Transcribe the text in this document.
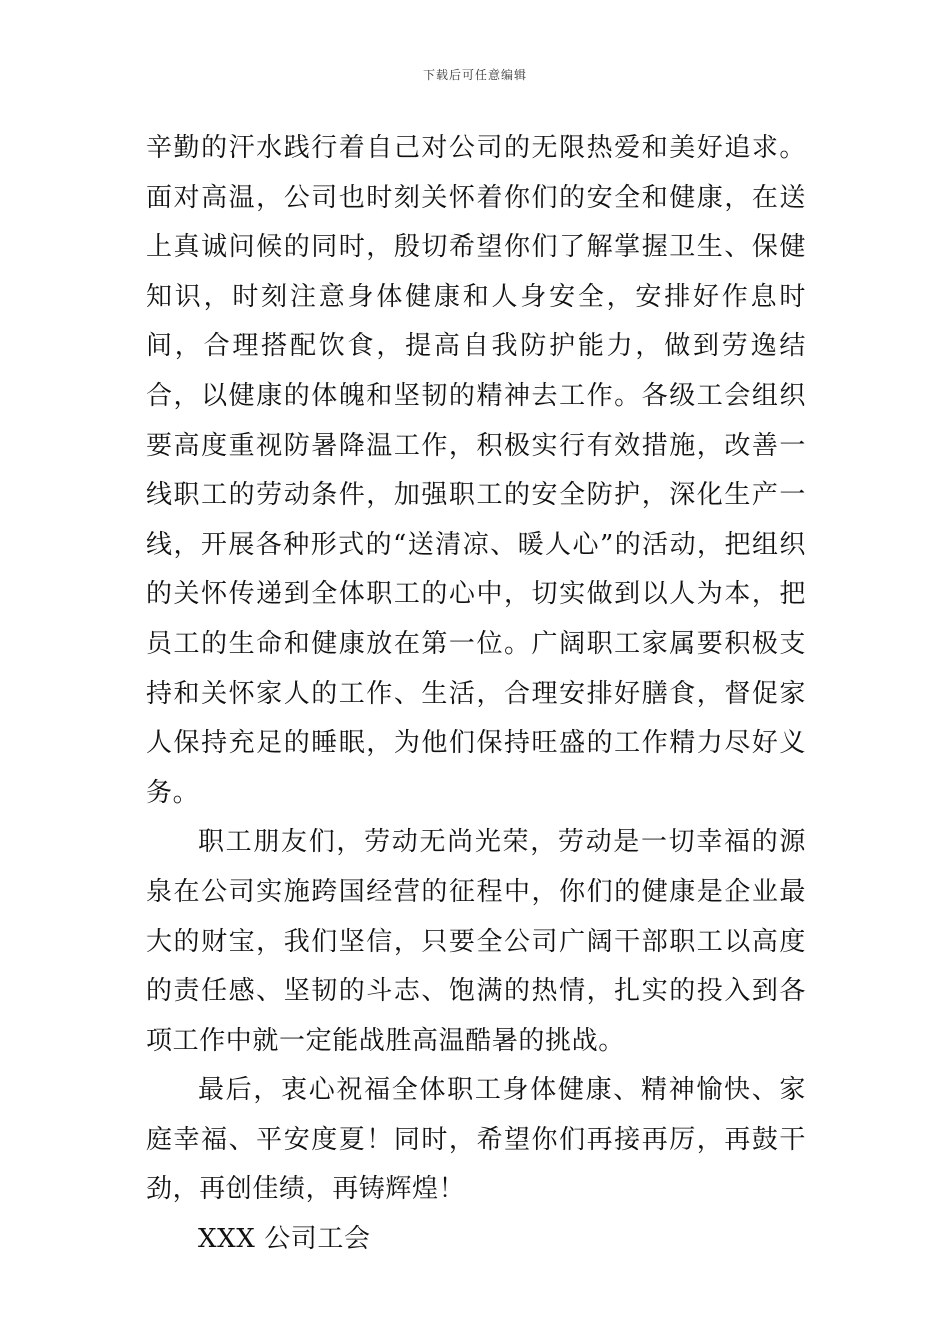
下载后可任意编辑

辛勤的汗水践行着自己对公司的无限热爱和美好追求。面对高温，公司也时刻关怀着你们的安全和健康，在送上真诚问候的同时，殷切希望你们了解掌握卫生、保健知识，时刻注意身体健康和人身安全，安排好作息时间，合理搭配饮食，提高自我防护能力，做到劳逸结合，以健康的体魄和坚韧的精神去工作。各级工会组织要高度重视防暑降温工作，积极实行有效措施，改善一线职工的劳动条件，加强职工的安全防护，深化生产一线，开展各种形式的“送清凉、暖人心”的活动，把组织的关怀传递到全体职工的心中，切实做到以人为本，把员工的生命和健康放在第一位。广阔职工家属要积极支持和关怀家人的工作、生活，合理安排好膳食，督促家人保持充足的睡眠，为他们保持旺盛的工作精力尽好义务。

职工朋友们，劳动无尚光荣，劳动是一切幸福的源泉在公司实施跨国经营的征程中，你们的健康是企业最大的财宝，我们坚信，只要全公司广阔干部职工以高度的责任感、坚韧的斗志、饱满的热情，扎实的投入到各项工作中就一定能战胜高温酷暑的挑战。

最后，衷心祝福全体职工身体健康、精神愉快、家庭幸福、平安度夏！同时，希望你们再接再厉，再鼓干劲，再创佳绩，再铸辉煌！

XXX 公司工会
